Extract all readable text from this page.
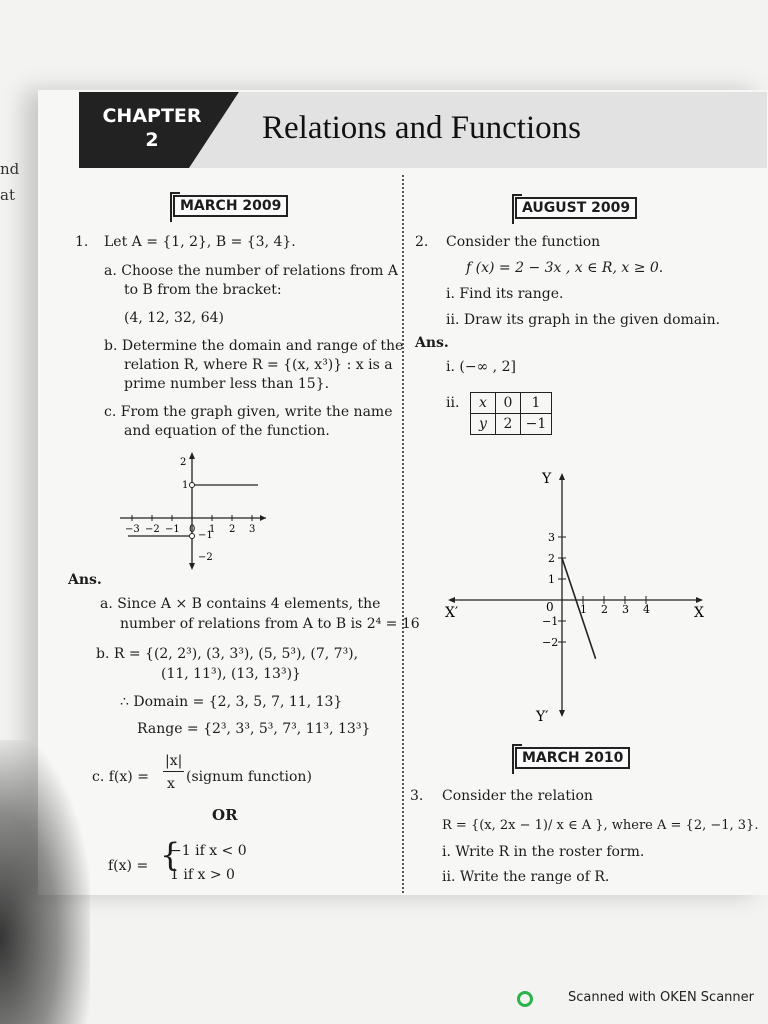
nd
at
CHAPTER
2	Relations and Functions
MARCH 2009
1. Let A = {1, 2}, B = {3, 4}.
a. Choose the number of relations from A
to B from the bracket:
(4, 12, 32, 64)
b. Determine the domain and range of the
relation R, where R = {(x, x³)} : x is a
prime number less than 15}.
c. From the graph given, write the name
and equation of the function.
2
1
−1
−2
−3 −2 −1 0 1 2 3
Ans.
a. Since A × B contains 4 elements, the
number of relations from A to B is 2⁴ = 16
b. R = {(2, 2³), (3, 3³), (5, 5³), (7, 7³),
(11, 11³), (13, 13³)}
∴ Domain = {2, 3, 5, 7, 11, 13}
Range = {2³, 3³, 5³, 7³, 11³, 13³}
c. f(x) =
|x|
x (signum function)
OR
f(x) = {
−1 if x < 0
1 if x > 0
AUGUST 2009
2. Consider the function
f (x) = 2 − 3x , x ∈ R, x ≥ 0.
i. Find its range.
ii. Draw its graph in the given domain.
Ans.
i. (−∞ , 2]
ii. x	0	1
y	2	−1
3
2
1
−1
−2
1 2 3 4
Y
Y′
X
X′	0
MARCH 2010
3. Consider the relation
R = {(x, 2x − 1)/ x ∈ A }, where A = {2, −1, 3}.
i. Write R in the roster form.
ii. Write the range of R.
Scanned with OKEN Scanner
